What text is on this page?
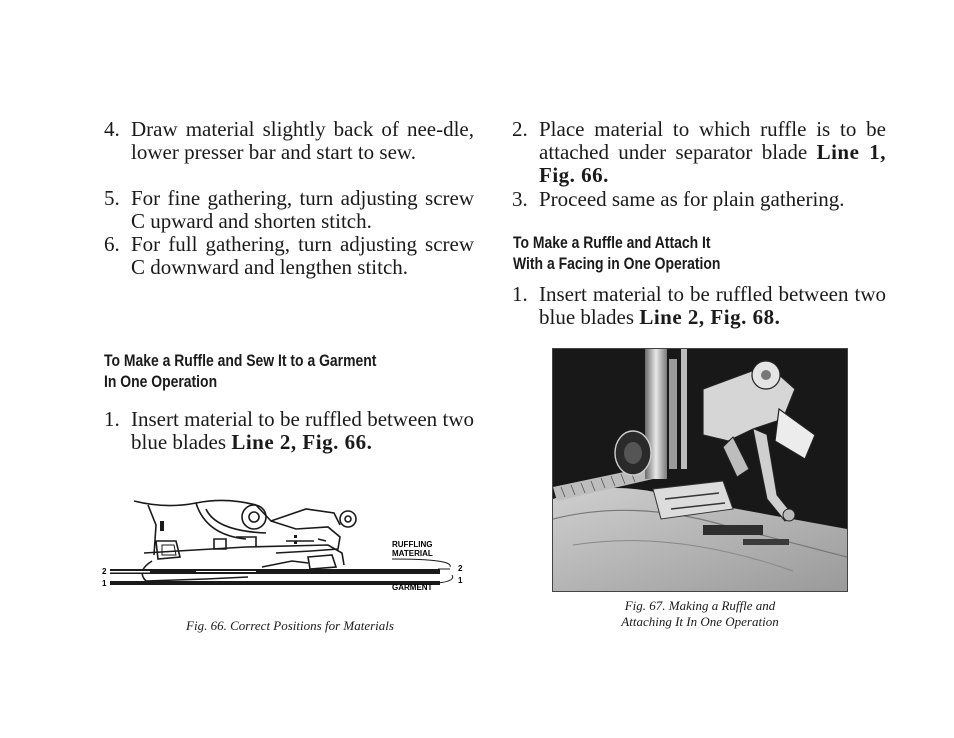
4. Draw material slightly back of nee-dle, lower presser bar and start to sew.
5. For fine gathering, turn adjusting screw C upward and shorten stitch.
6. For full gathering, turn adjusting screw C downward and lengthen stitch.
To Make a Ruffle and Sew It to a Garment
In One Operation
1. Insert material to be ruffled between two blue blades Line 2, Fig. 66.
RUFFLING
MATERIAL
GARMENT
2
1
2
1
Fig. 66. Correct Positions for Materials
2. Place material to which ruffle is to be attached under separator blade Line 1, Fig. 66.
3. Proceed same as for plain gathering.
To Make a Ruffle and Attach It
With a Facing in One Operation
1. Insert material to be ruffled between two blue blades Line 2, Fig. 68.
Fig. 67. Making a Ruffle and
Attaching It In One Operation
